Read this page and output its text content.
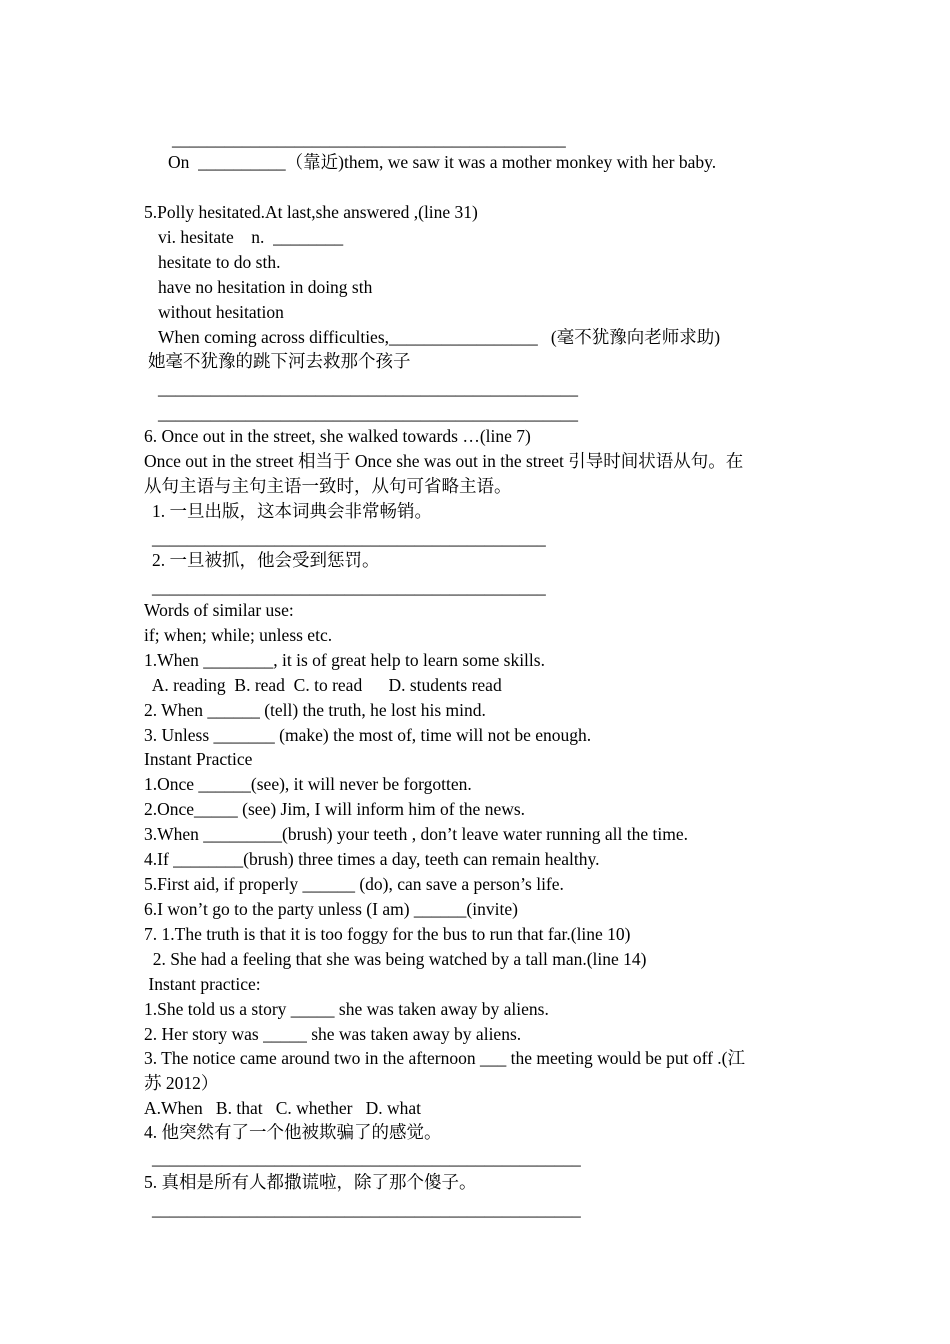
_____________________________________________
On  __________（靠近)them, we saw it was a mother monkey with her baby.
5.Polly hesitated.At last,she answered ,(line 31)
vi. hesitate    n.  ________
hesitate to do sth.
have no hesitation in doing sth
without hesitation
When coming across difficulties,_________________   (毫不犹豫向老师求助)
她毫不犹豫的跳下河去救那个孩子
________________________________________________
________________________________________________
6. Once out in the street, she walked towards …(line 7)
Once out in the street 相当于 Once she was out in the street 引导时间状语从句。在
从句主语与主句主语一致时，从句可省略主语。
1. 一旦出版，这本词典会非常畅销。
_____________________________________________
2. 一旦被抓，他会受到惩罚。
_____________________________________________
Words of similar use:
if; when; while; unless etc.
1.When ________, it is of great help to learn some skills.
A. reading  B. read  C. to read      D. students read
2. When ______ (tell) the truth, he lost his mind.
3. Unless _______ (make) the most of, time will not be enough.
Instant Practice
1.Once ______(see), it will never be forgotten.
2.Once_____ (see) Jim, I will inform him of the news.
3.When _________(brush) your teeth , don’t leave water running all the time.
4.If ________(brush) three times a day, teeth can remain healthy.
5.First aid, if properly ______ (do), can save a person’s life.
6.I won’t go to the party unless (I am) ______(invite)
7. 1.The truth is that it is too foggy for the bus to run that far.(line 10)
2. She had a feeling that she was being watched by a tall man.(line 14)
Instant practice:
1.She told us a story _____ she was taken away by aliens.
2. Her story was _____ she was taken away by aliens.
3. The notice came around two in the afternoon ___ the meeting would be put off .(江
苏 2012）
A.When   B. that   C. whether   D. what
4. 他突然有了一个他被欺骗了的感觉。
_________________________________________________
5. 真相是所有人都撒谎啦，除了那个傻子。
_________________________________________________
